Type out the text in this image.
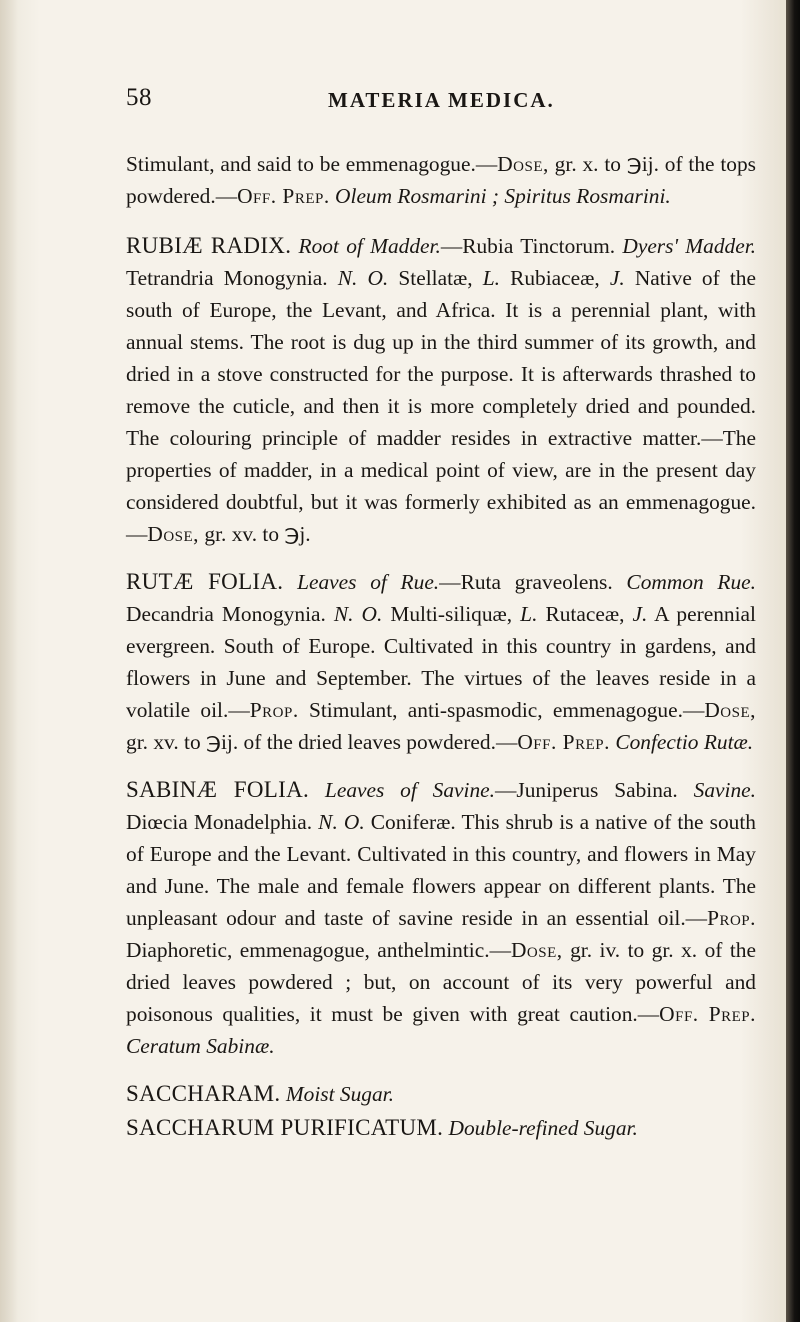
58	MATERIA MEDICA.

Stimulant, and said to be emmenagogue.—Dose, gr. x. to ℈ij. of the tops powdered.—Off. Prep. Oleum Rosmarini ; Spiritus Rosmarini.

RUBIÆ RADIX. Root of Madder.—Rubia Tinctorum. Dyers' Madder. Tetrandria Monogynia. N. O. Stellatæ, L. Rubiaceæ, J. Native of the south of Europe, the Levant, and Africa. It is a perennial plant, with annual stems. The root is dug up in the third summer of its growth, and dried in a stove constructed for the purpose. It is afterwards thrashed to remove the cuticle, and then it is more completely dried and pounded. The colouring principle of madder resides in extractive matter.—The properties of madder, in a medical point of view, are in the present day considered doubtful, but it was formerly exhibited as an emmenagogue.—Dose, gr. xv. to ℈j.

RUTÆ FOLIA. Leaves of Rue.—Ruta graveolens. Common Rue. Decandria Monogynia. N. O. Multi-siliquæ, L. Rutaceæ, J. A perennial evergreen. South of Europe. Cultivated in this country in gardens, and flowers in June and September. The virtues of the leaves reside in a volatile oil.—Prop. Stimulant, anti-spasmodic, emmenagogue.—Dose, gr. xv. to ℈ij. of the dried leaves powdered.—Off. Prep. Confectio Rutæ.

SABINÆ FOLIA. Leaves of Savine.—Juniperus Sabina. Savine. Diœcia Monadelphia. N. O. Coniferæ. This shrub is a native of the south of Europe and the Levant. Cultivated in this country, and flowers in May and June. The male and female flowers appear on different plants. The unpleasant odour and taste of savine reside in an essential oil.—Prop. Diaphoretic, emmenagogue, anthelmintic.—Dose, gr. iv. to gr. x. of the dried leaves powdered ; but, on account of its very powerful and poisonous qualities, it must be given with great caution.—Off. Prep. Ceratum Sabinæ.

SACCHARAM. Moist Sugar.

SACCHARUM PURIFICATUM. Double-refined Sugar.
